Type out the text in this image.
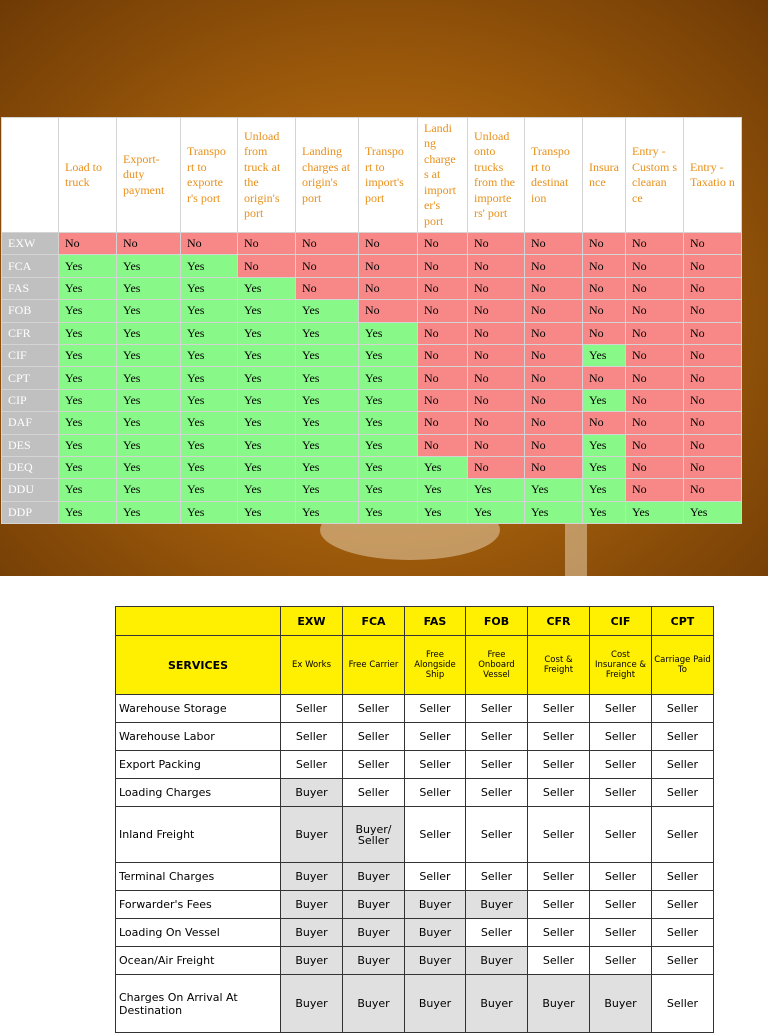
	Load to truck	Export-duty payment	Transpo rt to exporte r's port	Unload from truck at the origin's port	Landing charges at origin's port	Transpo rt to import's port	Landi ng charge s at import er's port	Unload onto trucks from the importe rs' port	Transpo rt to destinat ion	Insura nce	Entry - Custom s clearan ce	Entry - Taxatio n
EXW	No	No	No	No	No	No	No	No	No	No	No	No
FCA	Yes	Yes	Yes	No	No	No	No	No	No	No	No	No
FAS	Yes	Yes	Yes	Yes	No	No	No	No	No	No	No	No
FOB	Yes	Yes	Yes	Yes	Yes	No	No	No	No	No	No	No
CFR	Yes	Yes	Yes	Yes	Yes	Yes	No	No	No	No	No	No
CIF	Yes	Yes	Yes	Yes	Yes	Yes	No	No	No	Yes	No	No
CPT	Yes	Yes	Yes	Yes	Yes	Yes	No	No	No	No	No	No
CIP	Yes	Yes	Yes	Yes	Yes	Yes	No	No	No	Yes	No	No
DAF	Yes	Yes	Yes	Yes	Yes	Yes	No	No	No	No	No	No
DES	Yes	Yes	Yes	Yes	Yes	Yes	No	No	No	Yes	No	No
DEQ	Yes	Yes	Yes	Yes	Yes	Yes	Yes	No	No	Yes	No	No
DDU	Yes	Yes	Yes	Yes	Yes	Yes	Yes	Yes	Yes	Yes	No	No
DDP	Yes	Yes	Yes	Yes	Yes	Yes	Yes	Yes	Yes	Yes	Yes	Yes
	EXW	FCA	FAS	FOB	CFR	CIF	CPT
SERVICES	Ex Works	Free Carrier	Free Alongside Ship	Free Onboard Vessel	Cost & Freight	Cost Insurance & Freight	Carriage Paid To
Warehouse Storage	Seller	Seller	Seller	Seller	Seller	Seller	Seller
Warehouse Labor	Seller	Seller	Seller	Seller	Seller	Seller	Seller
Export Packing	Seller	Seller	Seller	Seller	Seller	Seller	Seller
Loading Charges	Buyer	Seller	Seller	Seller	Seller	Seller	Seller
Inland Freight	Buyer	Buyer/ Seller	Seller	Seller	Seller	Seller	Seller
Terminal Charges	Buyer	Buyer	Seller	Seller	Seller	Seller	Seller
Forwarder's Fees	Buyer	Buyer	Buyer	Buyer	Seller	Seller	Seller
Loading On Vessel	Buyer	Buyer	Buyer	Seller	Seller	Seller	Seller
Ocean/Air Freight	Buyer	Buyer	Buyer	Buyer	Seller	Seller	Seller
Charges On Arrival At Destination	Buyer	Buyer	Buyer	Buyer	Buyer	Buyer	Seller
